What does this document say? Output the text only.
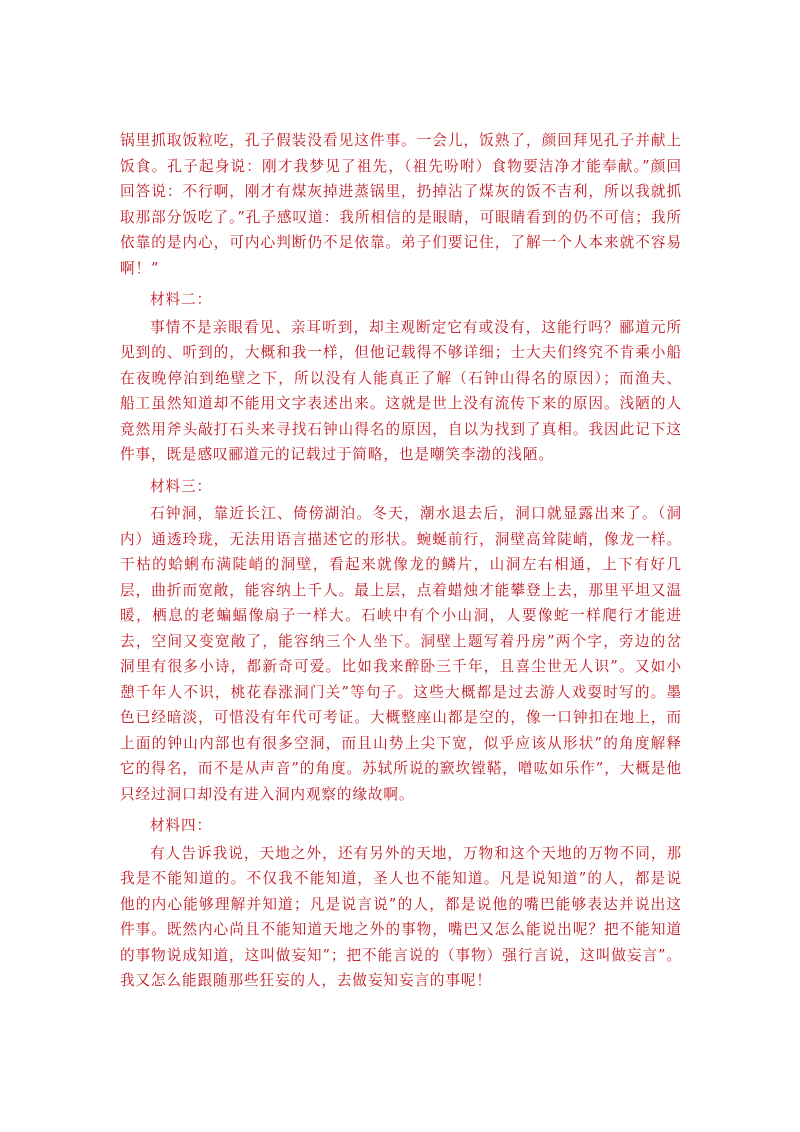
锅里抓取饭粒吃，孔子假装没看见这件事。一会儿，饭熟了，颜回拜见孔子并献上饭食。孔子起身说：刚才我梦见了祖先，（祖先吩咐）食物要洁净才能奉献。”颜回回答说：不行啊，刚才有煤灰掉进蒸锅里，扔掉沾了煤灰的饭不吉利，所以我就抓取那部分饭吃了。”孔子感叹道：我所相信的是眼睛，可眼睛看到的仍不可信；我所依靠的是内心，可内心判断仍不足依靠。弟子们要记住，了解一个人本来就不容易啊！”

材料二：

事情不是亲眼看见、亲耳听到，却主观断定它有或没有，这能行吗？郦道元所见到的、听到的，大概和我一样，但他记载得不够详细；士大夫们终究不肯乘小船在夜晚停泊到绝壁之下，所以没有人能真正了解（石钟山得名的原因）；而渔夫、船工虽然知道却不能用文字表述出来。这就是世上没有流传下来的原因。浅陋的人竟然用斧头敲打石头来寻找石钟山得名的原因，自以为找到了真相。我因此记下这件事，既是感叹郦道元的记载过于简略，也是嘲笑李渤的浅陋。

材料三：

石钟洞，靠近长江、倚傍湖泊。冬天，潮水退去后，洞口就显露出来了。（洞内）通透玲珑，无法用语言描述它的形状。蜿蜒前行，洞壁高耸陡峭，像龙一样。干枯的蛤蜊布满陡峭的洞壁，看起来就像龙的鳞片，山洞左右相通，上下有好几层，曲折而宽敞，能容纳上千人。最上层，点着蜡烛才能攀登上去，那里平坦又温暖，栖息的老蝙蝠像扇子一样大。石峡中有个小山洞，人要像蛇一样爬行才能进去，空间又变宽敞了，能容纳三个人坐下。洞壁上题写着丹房”两个字，旁边的岔洞里有很多小诗，都新奇可爱。比如我来醉卧三千年，且喜尘世无人识”。又如小憩千年人不识，桃花春涨洞门关”等句子。这些大概都是过去游人戏耍时写的。墨色已经暗淡，可惜没有年代可考证。大概整座山都是空的，像一口钟扣在地上，而上面的钟山内部也有很多空洞，而且山势上尖下宽，似乎应该从形状”的角度解释它的得名，而不是从声音”的角度。苏轼所说的窾坎镗鞳，噌吰如乐作”，大概是他只经过洞口却没有进入洞内观察的缘故啊。

材料四：

有人告诉我说，天地之外，还有另外的天地，万物和这个天地的万物不同，那我是不能知道的。不仅我不能知道，圣人也不能知道。凡是说知道”的人，都是说他的内心能够理解并知道；凡是说言说”的人，都是说他的嘴巴能够表达并说出这件事。既然内心尚且不能知道天地之外的事物，嘴巴又怎么能说出呢？把不能知道的事物说成知道，这叫做妄知”；把不能言说的（事物）强行言说，这叫做妄言”。我又怎么能跟随那些狂妄的人，去做妄知妄言的事呢！
